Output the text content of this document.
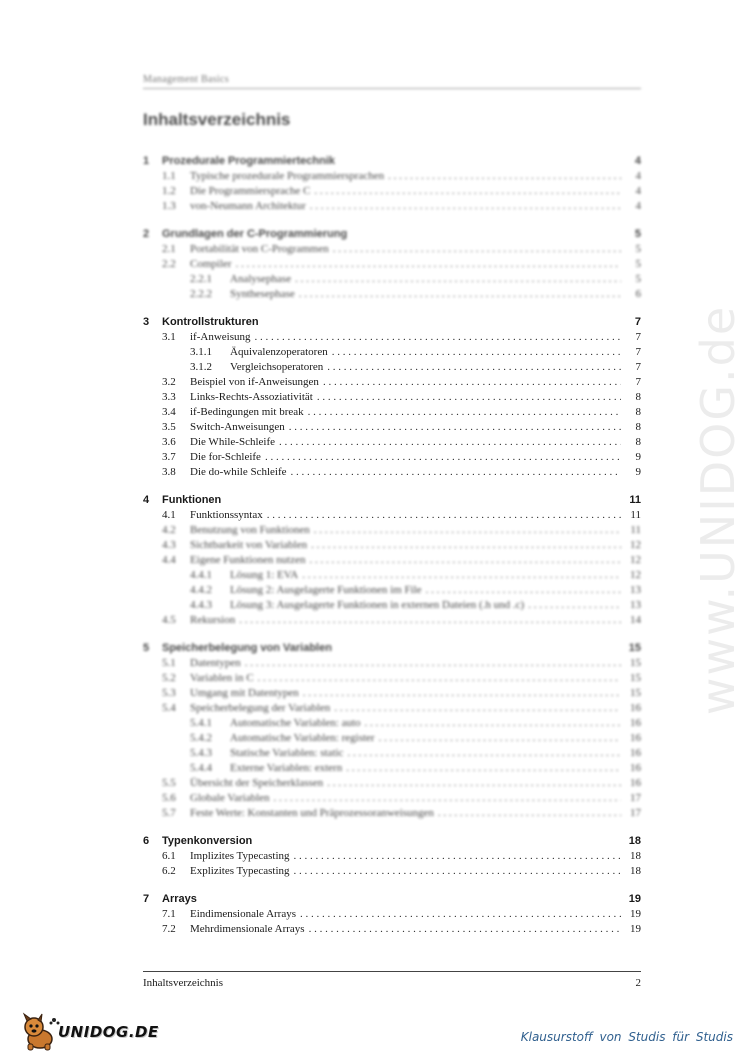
Management Basics
Inhaltsverzeichnis
1	Prozedurale Programmiertechnik	4
1.1	Typische prozedurale Programmiersprachen . . .	4
1.2	Die Programmiersprache C . . .	4
1.3	von-Neumann Architektur . . .	4
2	Grundlagen der C-Programmierung	5
2.1	Portabilität von C-Programmen . . .	5
2.2	Compiler . . .	5
2.2.1	Analysephase . . .	5
2.2.2	Synthesephase . . .	6
3	Kontrollstrukturen	7
3.1	if-Anweisung . . .	7
3.1.1	Äquivalenzoperatoren . . .	7
3.1.2	Vergleichsoperatoren . . .	7
3.2	Beispiel von if-Anweisungen . . .	7
3.3	Links-Rechts-Assoziativität . . .	8
3.4	if-Bedingungen mit break . . .	8
3.5	Switch-Anweisungen . . .	8
3.6	Die While-Schleife . . .	8
3.7	Die for-Schleife . . .	9
3.8	Die do-while Schleife . . .	9
4	Funktionen	11
4.1	Funktionssyntax . . .	11
4.2	Benutzung von Funktionen . . .	11
4.3	Sichtbarkeit von Variablen . . .	12
4.4	Eigene Funktionen nutzen . . .	12
4.4.1	Lösung 1: EVA . . .	12
4.4.2	Lösung 2: Ausgelagerte Funktionen im File . . .	13
4.4.3	Lösung 3: Ausgelagerte Funktionen in externen Dateien (.h und .c) . . .	13
4.5	Rekursion . . .	14
5	Speicherbelegung von Variablen	15
5.1	Datentypen . . .	15
5.2	Variablen in C . . .	15
5.3	Umgang mit Datentypen . . .	15
5.4	Speicherbelegung der Variablen . . .	16
5.4.1	Automatische Variablen: auto . . .	16
5.4.2	Automatische Variablen: register . . .	16
5.4.3	Statische Variablen: static . . .	16
5.4.4	Externe Variablen: extern . . .	16
5.5	Übersicht der Speicherklassen . . .	16
5.6	Globale Variablen . . .	17
5.7	Feste Werte: Konstanten und Präprozessoranweisungen . . .	17
6	Typenkonversion	18
6.1	Implizites Typecasting . . .	18
6.2	Explizites Typecasting . . .	18
7	Arrays	19
7.1	Eindimensionale Arrays . . .	19
7.2	Mehrdimensionale Arrays . . .	19
www.UNIDOG.de
Inhaltsverzeichnis	2
UNIDOG.DE	Klausurstoff von Studis für Studis
